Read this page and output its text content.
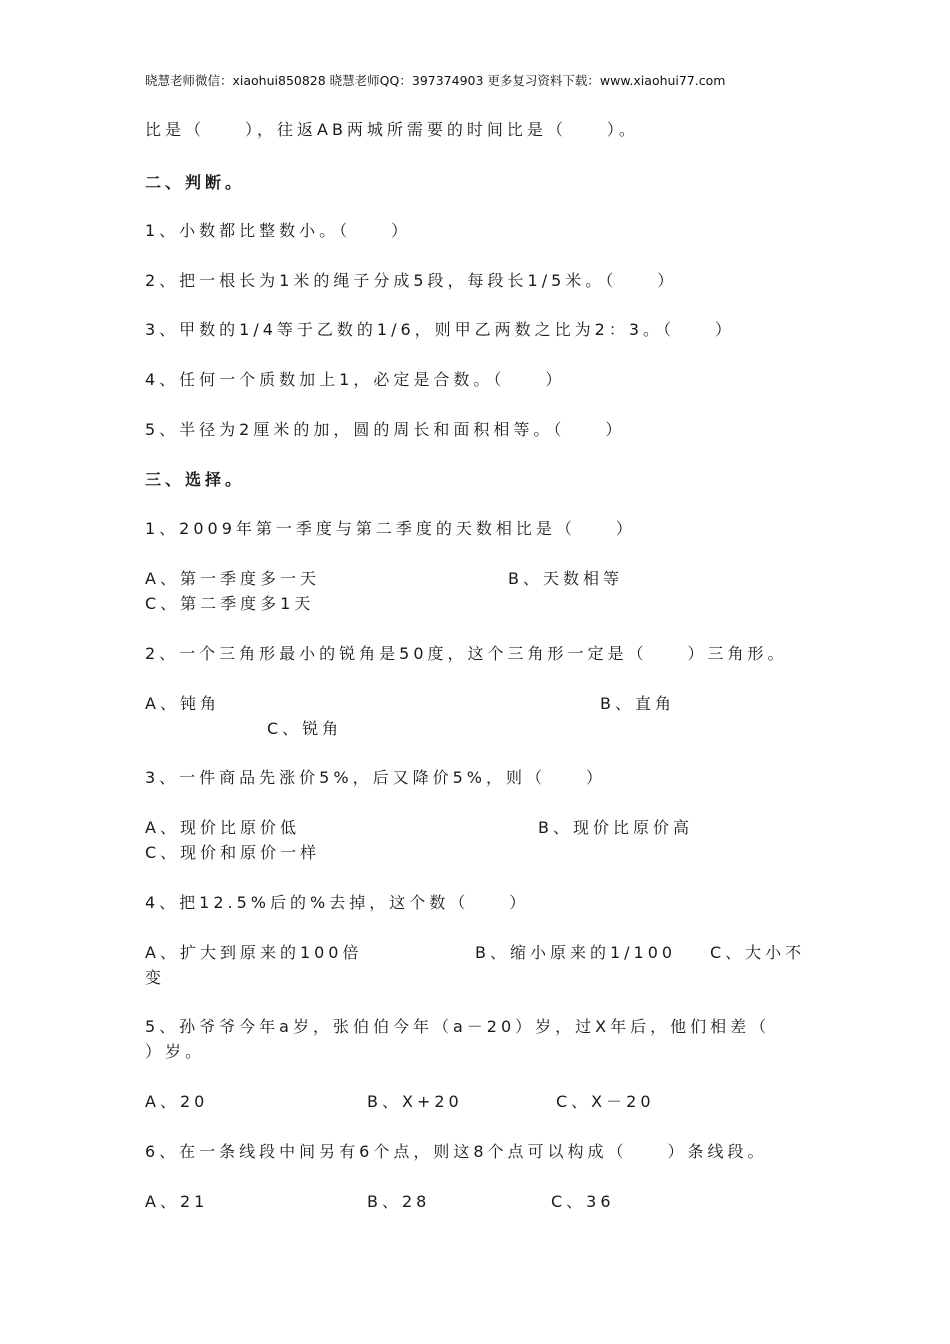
晓慧老师微信：xiaohui850828 晓慧老师QQ：397374903 更多复习资料下载：www.xiaohui77.com
比是（　　），往返AB两城所需要的时间比是（　　）。
二、判断。
1、小数都比整数小。（　　）
2、把一根长为1米的绳子分成5段，每段长1/5米。（　　）
3、甲数的1/4等于乙数的1/6，则甲乙两数之比为2：3。（　　）
4、任何一个质数加上1，必定是合数。（　　）
5、半径为2厘米的加，圆的周长和面积相等。（　　）
三、选择。
1、2009年第一季度与第二季度的天数相比是（　　）
A、第一季度多一天	B、天数相等
C、第二季度多1天
2、一个三角形最小的锐角是50度，这个三角形一定是（　　）三角形。
A、钝角	B、直角
C、锐角
3、一件商品先涨价5%，后又降价5%，则（　　）
A、现价比原价低	B、现价比原价高
C、现价和原价一样
4、把12.5%后的%去掉，这个数（　　）
A、扩大到原来的100倍	B、缩小原来的1/100 C、大小不
变
5、孙爷爷今年a岁，张伯伯今年（a－20）岁，过X年后，他们相差（
）岁。
A、20	B、X+20	C、X－20
6、在一条线段中间另有6个点，则这8个点可以构成（　　）条线段。
A、21	B、28	C、36
